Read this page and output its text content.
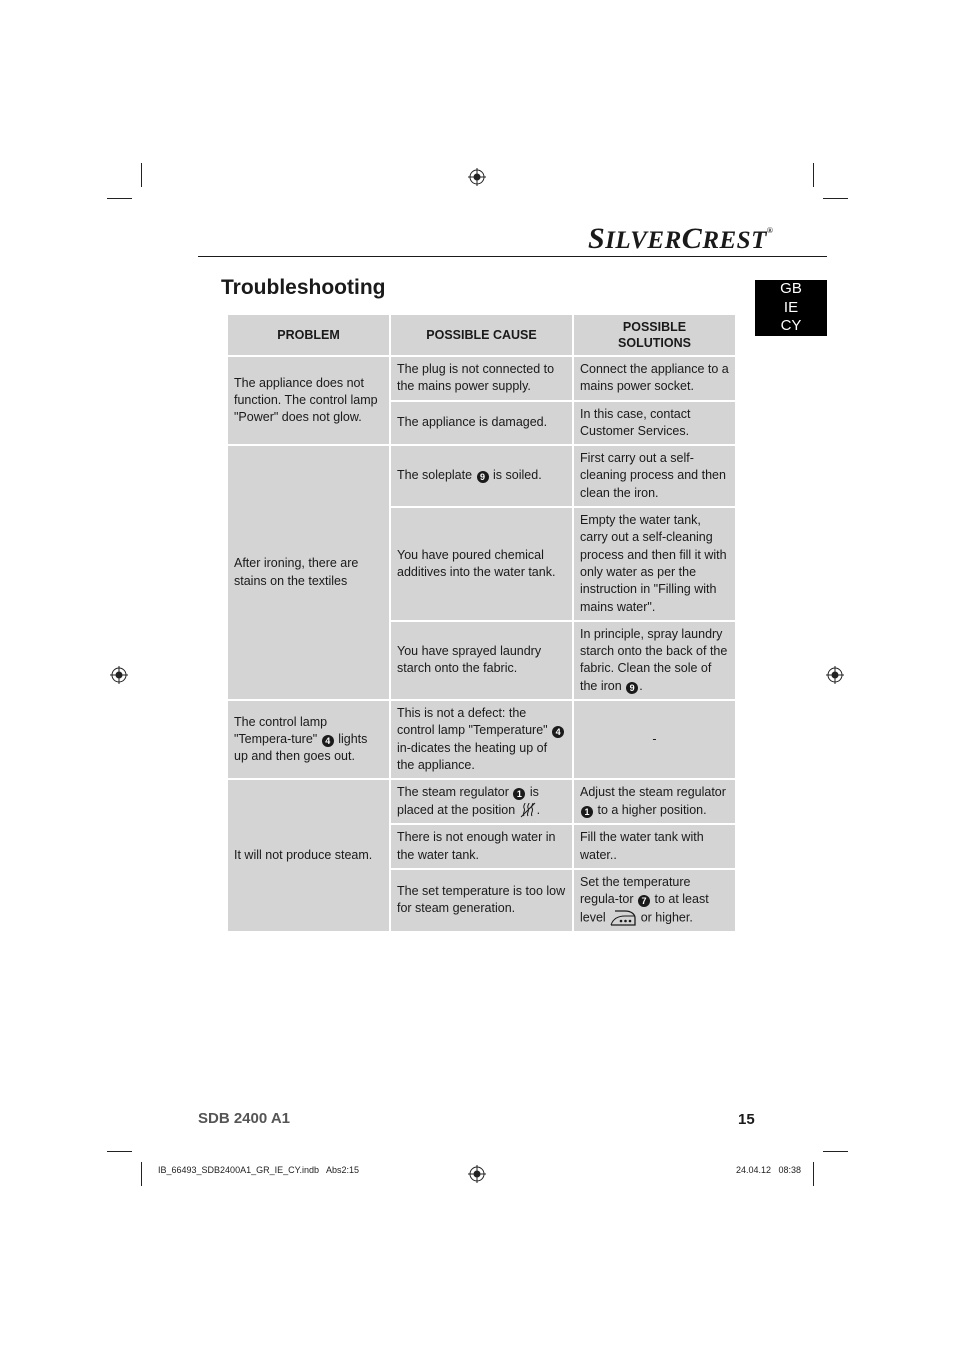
SILVERCREST®
Troubleshooting	GB
IE
CY
PROBLEM	POSSIBLE CAUSE	POSSIBLE SOLUTIONS
The appliance does not function. The control lamp "Power" does not glow.	The plug is not connected to the mains power supply.	Connect the appliance to a mains power socket.
	The appliance is damaged.	In this case, contact Customer Services.
After ironing, there are stains on the textiles	The soleplate 9 is soiled.	First carry out a self-cleaning process and then clean the iron.
	You have poured chemical additives into the water tank.	Empty the water tank, carry out a self-cleaning process and then fill it with only water as per the instruction in "Filling with mains water".
	You have sprayed laundry starch onto the fabric.	In principle, spray laundry starch onto the back of the fabric. Clean the sole of the iron 9 .
The control lamp "Tempera-ture" 4 lights up and then goes out.	This is not a defect: the control lamp "Temperature" 4 in-dicates the heating up of the appliance.	-
It will not produce steam.	The steam regulator 1 is placed at the position .	Adjust the steam regulator 1 to a higher position.
	There is not enough water in the water tank.	Fill the water tank with water..
	The set temperature is too low for steam generation.	Set the temperature regula-tor 7 to at least level or higher.
SDB 2400 A1	15
IB_66493_SDB2400A1_GR_IE_CY.indb   Abs2:15	24.04.12   08:38
